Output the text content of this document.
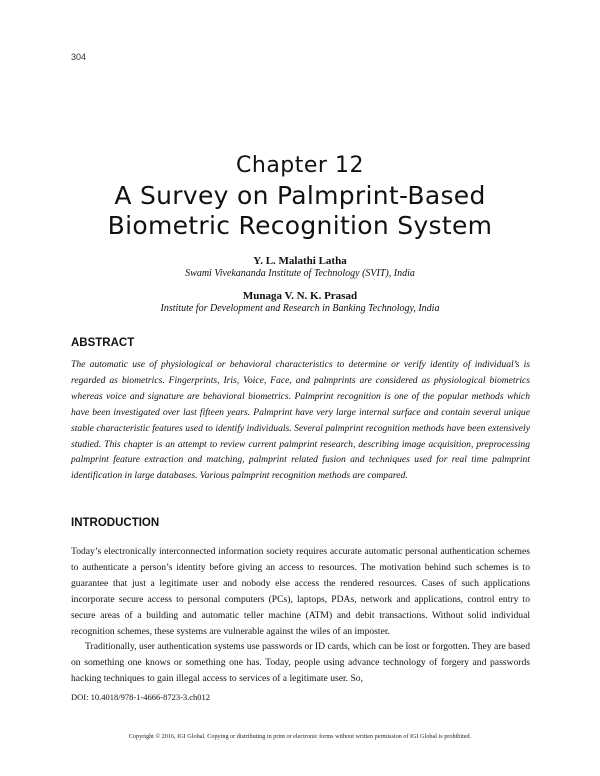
304
Chapter 12
A Survey on Palmprint-Based
Biometric Recognition System
Y. L. Malathi Latha
Swami Vivekananda Institute of Technology (SVIT), India
Munaga V. N. K. Prasad
Institute for Development and Research in Banking Technology, India
ABSTRACT

The automatic use of physiological or behavioral characteristics to determine or verify identity of individual’s is regarded as biometrics. Fingerprints, Iris, Voice, Face, and palmprints are considered as physiological biometrics whereas voice and signature are behavioral biometrics. Palmprint recognition is one of the popular methods which have been investigated over last fifteen years. Palmprint have very large internal surface and contain several unique stable characteristic features used to identify individuals. Several palmprint recognition methods have been extensively studied. This chapter is an attempt to review current palmprint research, describing image acquisition, preprocessing palmprint feature extraction and matching, palmprint related fusion and techniques used for real time palmprint identification in large databases. Various palmprint recognition methods are compared.

INTRODUCTION

Today’s electronically interconnected information society requires accurate automatic personal authentication schemes to authenticate a person’s identity before giving an access to resources. The motivation behind such schemes is to guarantee that just a legitimate user and nobody else access the rendered resources. Cases of such applications incorporate secure access to personal computers (PCs), laptops, PDAs, network and applications, control entry to secure areas of a building and automatic teller machine (ATM) and debit transactions. Without solid individual recognition schemes, these systems are vulnerable against the wiles of an imposter.

Traditionally, user authentication systems use passwords or ID cards, which can be lost or forgotten. They are based on something one knows or something one has. Today, people using advance technology of forgery and passwords hacking techniques to gain illegal access to services of a legitimate user. So,

DOI: 10.4018/978-1-4666-8723-3.ch012
Copyright © 2016, IGI Global. Copying or distributing in print or electronic forms without written permission of IGI Global is prohibited.
